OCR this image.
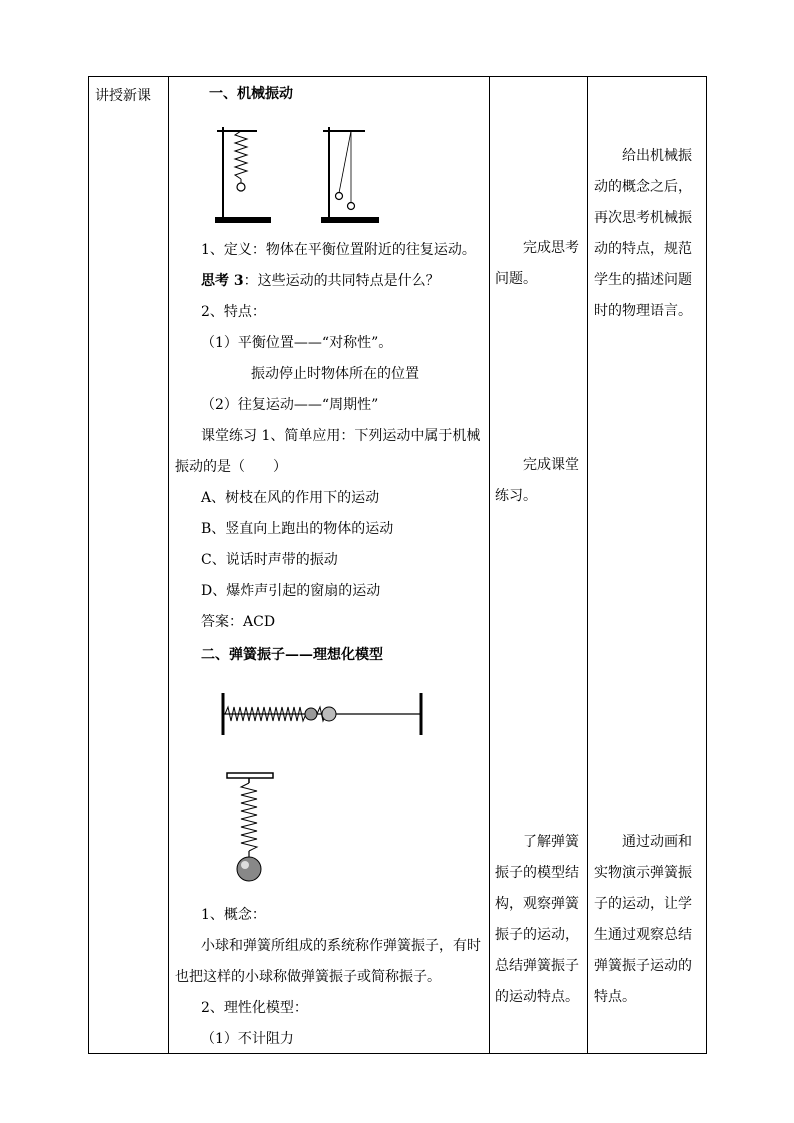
讲授新课	一、机械振动
1、定义：物体在平衡位置附近的往复运动。
思考 3：这些运动的共同特点是什么？
2、特点：
（1）平衡位置——“对称性”。
振动停止时物体所在的位置
（2）往复运动——“周期性”
课堂练习 1、简单应用：下列运动中属于机械
振动的是（　　）
A、树枝在风的作用下的运动
B、竖直向上跑出的物体的运动
C、说话时声带的振动
D、爆炸声引起的窗扇的运动
答案：ACD
二、弹簧振子——理想化模型
1、概念：
小球和弹簧所组成的系统称作弹簧振子，有时
也把这样的小球称做弹簧振子或简称振子。
2、理性化模型：
（1）不计阻力
完成思考
问题。
完成课堂
练习。
了解弹簧
振子的模型结
构，观察弹簧
振子的运动，
总结弹簧振子
的运动特点。
给出机械振
动的概念之后，
再次思考机械振
动的特点，规范
学生的描述问题
时的物理语言。
通过动画和
实物演示弹簧振
子的运动，让学
生通过观察总结
弹簧振子运动的
特点。
